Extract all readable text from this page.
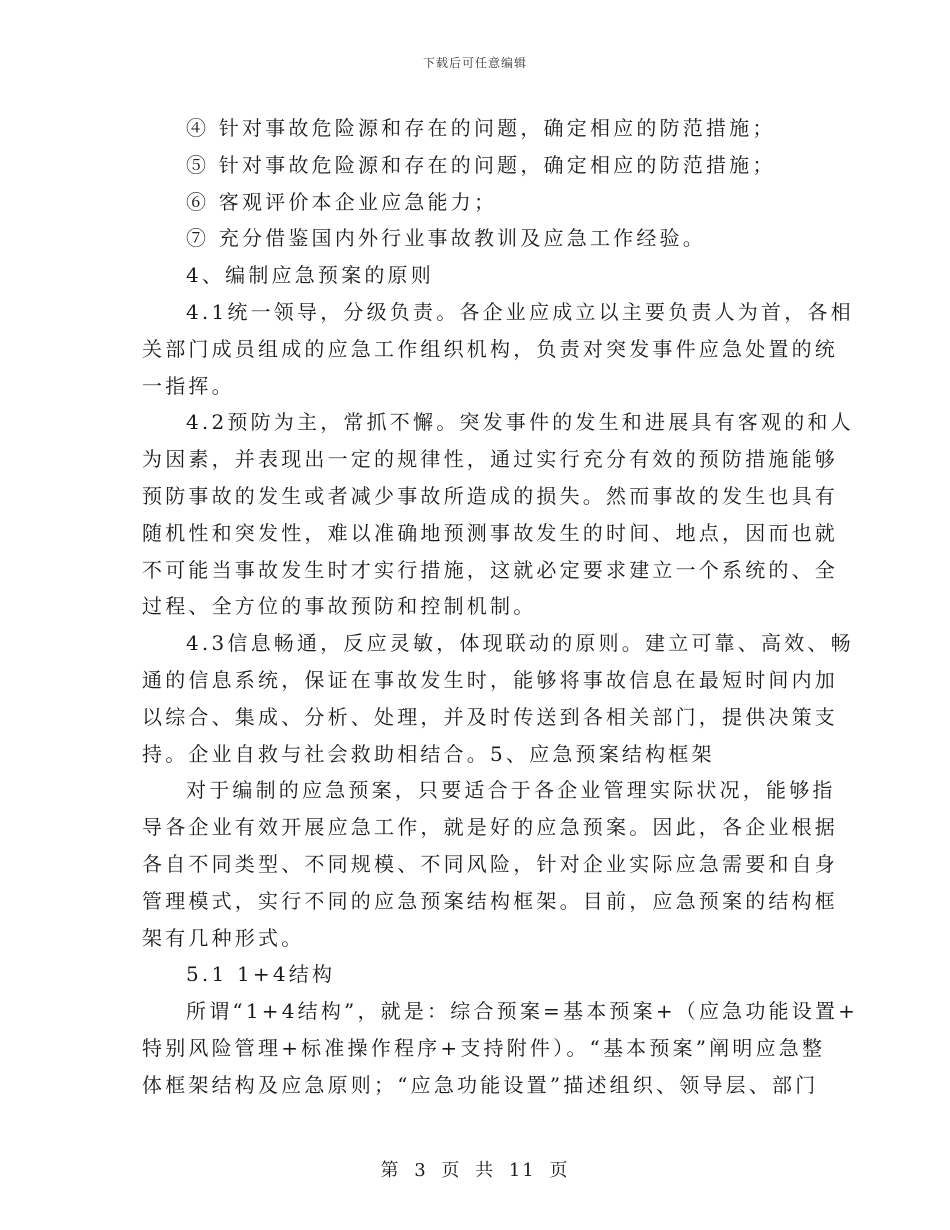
下载后可任意编辑
④ 针对事故危险源和存在的问题，确定相应的防范措施；
⑤ 针对事故危险源和存在的问题，确定相应的防范措施；
⑥ 客观评价本企业应急能力；
⑦ 充分借鉴国内外行业事故教训及应急工作经验。
4、编制应急预案的原则
4.1统一领导，分级负责。各企业应成立以主要负责人为首，各相
关部门成员组成的应急工作组织机构，负责对突发事件应急处置的统
一指挥。
4.2预防为主，常抓不懈。突发事件的发生和进展具有客观的和人
为因素，并表现出一定的规律性，通过实行充分有效的预防措施能够
预防事故的发生或者减少事故所造成的损失。然而事故的发生也具有
随机性和突发性，难以准确地预测事故发生的时间、地点，因而也就
不可能当事故发生时才实行措施，这就必定要求建立一个系统的、全
过程、全方位的事故预防和控制机制。
4.3信息畅通，反应灵敏，体现联动的原则。建立可靠、高效、畅
通的信息系统，保证在事故发生时，能够将事故信息在最短时间内加
以综合、集成、分析、处理，并及时传送到各相关部门，提供决策支
持。企业自救与社会救助相结合。5、应急预案结构框架
对于编制的应急预案，只要适合于各企业管理实际状况，能够指
导各企业有效开展应急工作，就是好的应急预案。因此，各企业根据
各自不同类型、不同规模、不同风险，针对企业实际应急需要和自身
管理模式，实行不同的应急预案结构框架。目前，应急预案的结构框
架有几种形式。
5.1 1+4结构
所谓“1+4结构”，就是：综合预案=基本预案+（应急功能设置+
特别风险管理+标准操作程序+支持附件）。“基本预案”阐明应急整
体框架结构及应急原则；“应急功能设置”描述组织、领导层、部门
第 3 页 共 11 页
